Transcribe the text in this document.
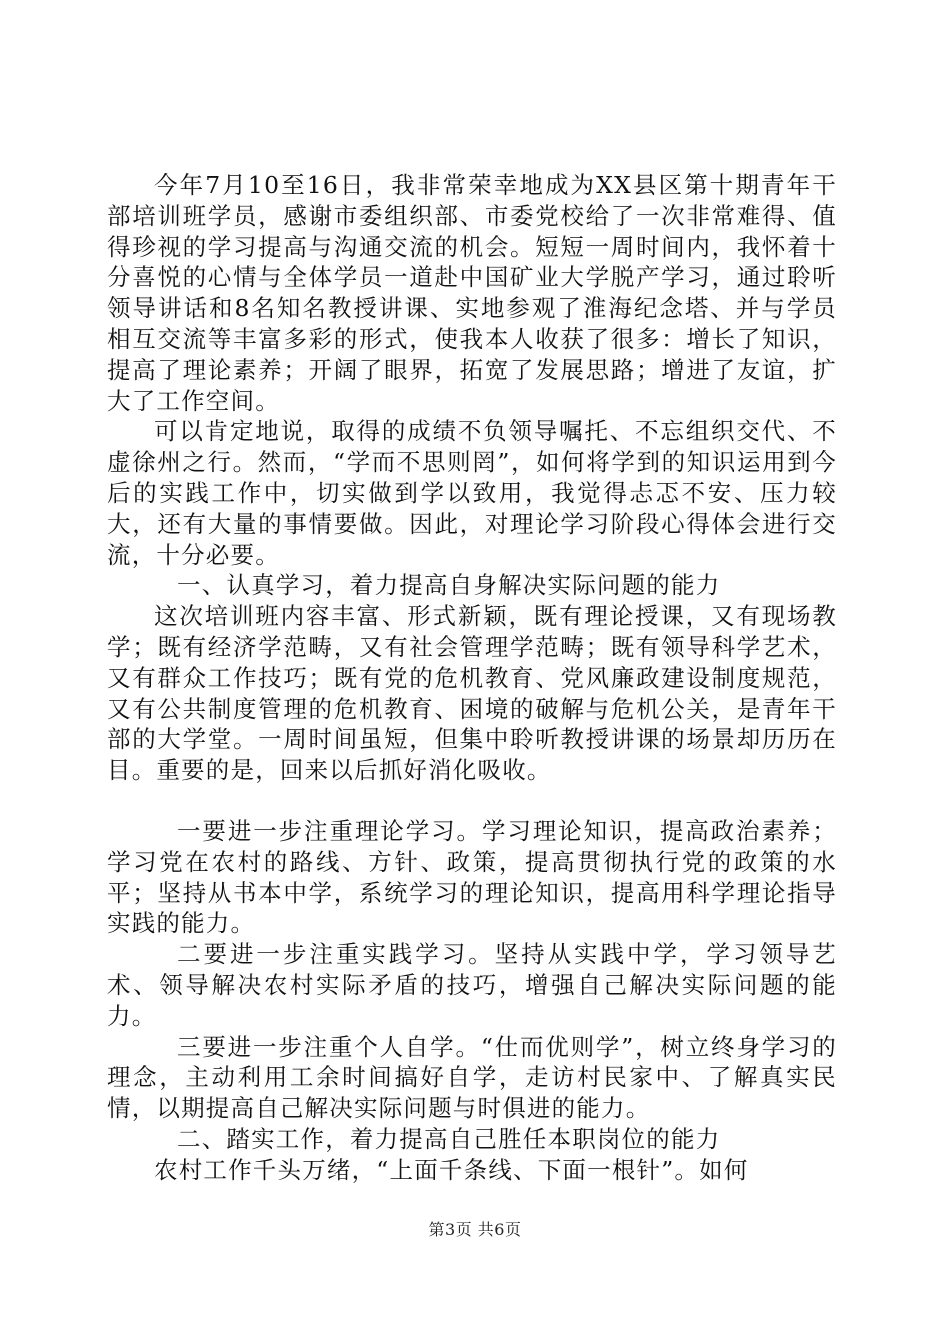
今年7月10至16日，我非常荣幸地成为XX县区第十期青年干部培训班学员，感谢市委组织部、市委党校给了一次非常难得、值得珍视的学习提高与沟通交流的机会。短短一周时间内，我怀着十分喜悦的心情与全体学员一道赴中国矿业大学脱产学习，通过聆听领导讲话和8名知名教授讲课、实地参观了淮海纪念塔、并与学员相互交流等丰富多彩的形式，使我本人收获了很多：增长了知识，提高了理论素养；开阔了眼界，拓宽了发展思路；增进了友谊，扩大了工作空间。

可以肯定地说，取得的成绩不负领导嘱托、不忘组织交代、不虚徐州之行。然而，“学而不思则罔”，如何将学到的知识运用到今后的实践工作中，切实做到学以致用，我觉得忐忑不安、压力较大，还有大量的事情要做。因此，对理论学习阶段心得体会进行交流，十分必要。

一、认真学习，着力提高自身解决实际问题的能力

这次培训班内容丰富、形式新颖，既有理论授课，又有现场教学；既有经济学范畴，又有社会管理学范畴；既有领导科学艺术，又有群众工作技巧；既有党的危机教育、党风廉政建设制度规范，又有公共制度管理的危机教育、困境的破解与危机公关，是青年干部的大学堂。一周时间虽短，但集中聆听教授讲课的场景却历历在目。重要的是，回来以后抓好消化吸收。

一要进一步注重理论学习。学习理论知识，提高政治素养；学习党在农村的路线、方针、政策，提高贯彻执行党的政策的水平；坚持从书本中学，系统学习的理论知识，提高用科学理论指导实践的能力。

二要进一步注重实践学习。坚持从实践中学，学习领导艺术、领导解决农村实际矛盾的技巧，增强自己解决实际问题的能力。

三要进一步注重个人自学。“仕而优则学”，树立终身学习的理念，主动利用工余时间搞好自学，走访村民家中、了解真实民情，以期提高自己解决实际问题与时俱进的能力。

二、踏实工作，着力提高自己胜任本职岗位的能力

农村工作千头万绪，“上面千条线、下面一根针”。如何

第3页 共6页
